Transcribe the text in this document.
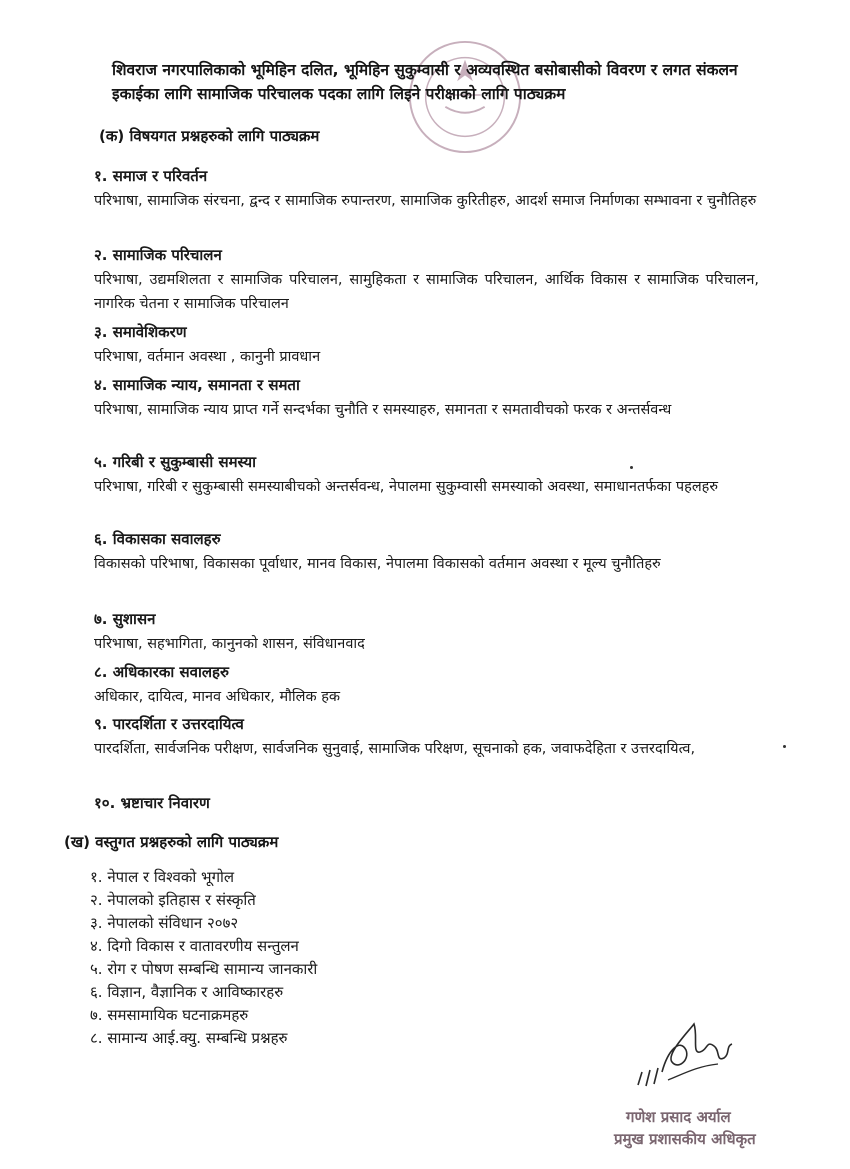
शिवराज नगरपालिकाको भूमिहिन दलित, भूमिहिन सुकुम्वासी र अव्यवस्थित बसोबासीको विवरण र लगत संकलन इकाईका लागि सामाजिक परिचालक पदका लागि लिइने परीक्षाको लागि पाठ्यक्रम
(क) विषयगत प्रश्नहरुको लागि पाठ्यक्रम
१. समाज र परिवर्तन
परिभाषा, सामाजिक संरचना, द्वन्द र सामाजिक रुपान्तरण, सामाजिक कुरितीहरु, आदर्श समाज निर्माणका सम्भावना र चुनौतिहरु
२. सामाजिक परिचालन
परिभाषा, उद्यमशिलता र सामाजिक परिचालन, सामुहिकता र सामाजिक परिचालन, आर्थिक विकास र सामाजिक परिचालन, नागरिक चेतना र सामाजिक परिचालन
३. समावेशिकरण
परिभाषा, वर्तमान अवस्था , कानुनी प्रावधान
४. सामाजिक न्याय, समानता र समता
परिभाषा, सामाजिक न्याय प्राप्त गर्ने सन्दर्भका चुनौति र समस्याहरु, समानता र समतावीचको फरक र अन्तर्सवन्ध
५. गरिबी र सुकुम्बासी समस्या
परिभाषा, गरिबी र सुकुम्बासी समस्याबीचको अन्तर्सवन्ध, नेपालमा सुकुम्वासी समस्याको अवस्था, समाधानतर्फका पहलहरु
६. विकासका सवालहरु
विकासको परिभाषा, विकासका पूर्वाधार, मानव विकास, नेपालमा विकासको वर्तमान अवस्था र मूल्य चुनौतिहरु
७. सुशासन
परिभाषा, सहभागिता, कानुनको शासन, संविधानवाद
८. अधिकारका सवालहरु
अधिकार, दायित्व, मानव अधिकार, मौलिक हक
९. पारदर्शिता र उत्तरदायित्व
पारदर्शिता, सार्वजनिक परीक्षण, सार्वजनिक सुनुवाई, सामाजिक परिक्षण, सूचनाको हक, जवाफदेहिता र उत्तरदायित्व,
१०. भ्रष्टाचार निवारण
(ख) वस्तुगत प्रश्नहरुको लागि पाठ्यक्रम
१. नेपाल र विश्वको भूगोल
२. नेपालको इतिहास र संस्कृति
३. नेपालको संविधान २०७२
४. दिगो विकास र वातावरणीय सन्तुलन
५. रोग र पोषण सम्बन्धि सामान्य जानकारी
६. विज्ञान, वैज्ञानिक र आविष्कारहरु
७. समसामायिक घटनाक्रमहरु
८. सामान्य आई.क्यु. सम्बन्धि प्रश्नहरु
गणेश प्रसाद अर्याल
प्रमुख प्रशासकीय अधिकृत
